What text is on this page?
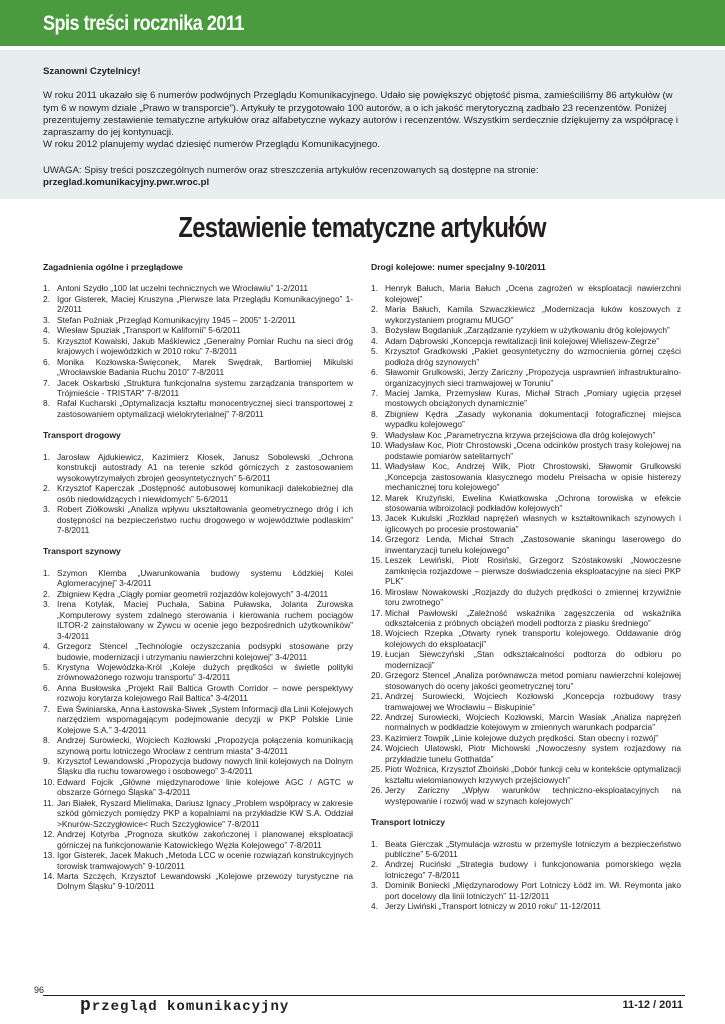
Spis treści rocznika 2011

Szanowni Czytelnicy!

W roku 2011 ukazało się 6 numerów podwójnych Przeglądu Komunikacyjnego. Udało się powiększyć objętość pisma, zamieściliśmy 86 artykułów (w tym 6 w nowym dziale „Prawo w transporcie”). Artykuły te przygotowało 100 autorów, a o ich jakość merytoryczną zadbało 23 recenzentów. Poniżej prezentujemy zestawienie tematyczne artykułów oraz alfabetyczne wykazy autorów i recenzentów. Wszystkim serdecznie dziękujemy za współpracę i zapraszamy do jej kontynuacji.

W roku 2012 planujemy wydać dziesięć numerów Przeglądu Komunikacyjnego.

UWAGA: Spisy treści poszczególnych numerów oraz streszczenia artykułów recenzowanych są dostępne na stronie:

przeglad.komunikacyjny.pwr.wroc.pl

Zestawienie tematyczne artykułów
Zagadnienia ogólne i przeglądowe
1. Antoni Szydło „100 lat uczelni technicznych we Wrocławiu” 1-2/2011
2. Igor Gisterek, Maciej Kruszyna „Pierwsze lata Przeglądu Komunikacyjnego” 1-2/2011
3. Stefan Poźniak „Przegląd Komunikacyjny 1945 – 2005” 1-2/2011
4. Wiesław Spuziak „Transport w Kalifornii” 5-6/2011
5. Krzysztof Kowalski, Jakub Maśkiewicz „Generalny Pomiar Ruchu na sieci dróg krajowych i wojewódzkich w 2010 roku” 7-8/2011
6. Monika Kozłowska-Święconek, Marek Swędrak, Bartłomiej Mikulski „Wrocławskie Badania Ruchu 2010” 7-8/2011
7. Jacek Oskarbski „Struktura funkcjonalna systemu zarządzania transportem w Trójmieście - TRISTAR” 7-8/2011
8. Rafał Kucharski „Optymalizacja kształtu monocentrycznej sieci transportowej z zastosowaniem optymalizacji wielokryterialnej” 7-8/2011
Transport drogowy
1. Jarosław Ajdukiewicz, Kazimierz Kłosek, Janusz Sobolewski „Ochrona konstrukcji autostrady A1 na terenie szkód górniczych z zastosowaniem wysokowytrzymałych zbrojeń geosyntetycznych” 5-6/2011
2. Krzysztof Kaperczak „Dostępność autobusowej komunikacji dalekobieżnej dla osób niedowidzących i niewidomych” 5-6/2011
3. Robert Ziółkowski „Analiza wpływu ukształtowania geometrycznego dróg i ich dostępności na bezpieczeństwo ruchu drogowego w województwie podlaskim” 7-8/2011
Transport szynowy
1. Szymon Klemba „Uwarunkowania budowy systemu Łódzkiej Kolei Aglomeracyjnej” 3-4/2011
2. Zbigniew Kędra „Ciągły pomiar geometrii rozjazdów kolejowych” 3-4/2011
3. Irena Kotylak, Maciej Puchała, Sabina Puławska, Jolanta Żurowska „Komputerowy system zdalnego sterowania i kierowania ruchem pociągów ILTOR-2 zainstalowany w Żywcu w ocenie jego bezpośrednich użytkowników” 3-4/2011
4. Grzegorz Stencel „Technologie oczyszczania podsypki stosowane przy budowie, modernizacji i utrzymaniu nawierzchni kolejowej” 3-4/2011
5. Krystyna Wojewódzka-Król „Koleje dużych prędkości w świetle polityki zrównoważonego rozwoju transportu” 3-4/2011
6. Anna Busłowska „Projekt Rail Baltica Growth Corridor – nowe perspektywy rozwoju korytarza kolejowego Rail Baltica” 3-4/2011
7. Ewa Świniarska, Anna Łastowska-Siwek „System Informacji dla Linii Kolejowych narzędziem wspomagającym podejmowanie decyzji w PKP Polskie Linie Kolejowe S.A.” 3-4/2011
8. Andrzej Surowiecki, Wojciech Kozłowski „Propozycja połączenia komunikacją szynową portu lotniczego Wrocław z centrum miasta” 3-4/2011
9. Krzysztof Lewandowski „Propozycja budowy nowych linii kolejowych na Dolnym Śląsku dla ruchu towarowego i osobowego” 3-4/2011
10. Edward Fojcik „Główne międzynarodowe linie kolejowe AGC / AGTC w obszarze Górnego Śląska” 3-4/2011
11. Jan Białek, Ryszard Mielimaka, Dariusz Ignacy „Problem współpracy w zakresie szkód górniczych pomiędzy PKP a kopalniami na przykładzie KW S.A. Oddział >Knurów-Szczygłowice< Ruch Szczygłowice” 7-8/2011
12. Andrzej Kotyrba „Prognoza skutków zakończonej i planowanej eksploatacji górniczej na funkcjonowanie Katowickiego Węzła Kolejowego” 7-8/2011
13. Igor Gisterek, Jacek Makuch „Metoda LCC w ocenie rozwiązań konstrukcyjnych torowisk tramwajowych” 9-10/2011
14. Marta Szczęch, Krzysztof Lewandowski „Kolejowe przewozy turystyczne na Dolnym Śląsku” 9-10/2011
Drogi kolejowe: numer specjalny 9-10/2011
1. Henryk Bałuch, Maria Bałuch „Ocena zagrożeń w eksploatacji nawierzchni kolejowej”
2. Maria Bałuch, Kamila Szwaczkiewicz „Modernizacja łuków koszowych z wykorzystaniem programu MUGO”
3. Bożysław Bogdaniuk „Zarządzanie ryzykiem w użytkowaniu dróg kolejowych”
4. Adam Dąbrowski „Koncepcja rewitalizacji linii kolejowej Wieliszew-Zegrze”
5. Krzysztof Gradkowski „Pakiet geosyntetyczny do wzmocnienia górnej części podłoża dróg szynowych”
6. Sławomir Grulkowski, Jerzy Zariczny „Propozycja usprawnień infrastrukturalno-organizacyjnych sieci tramwajowej w Toruniu”
7. Maciej Jamka, Przemysław Kuras, Michał Strach „Pomiary ugięcia przęseł mostowych obciążonych dynamicznie”
8. Zbigniew Kędra „Zasady wykonania dokumentacji fotograficznej miejsca wypadku kolejowego”
9. Władysław Koc „Parametryczna krzywa przejściowa dla dróg kolejowych”
10. Władysław Koc, Piotr Chrostowski „Ocena odcinków prostych trasy kolejowej na podstawie pomiarów satelitarnych”
11. Władysław Koc, Andrzej Wilk, Piotr Chrostowski, Sławomir Grulkowski „Koncepcja zastosowania klasycznego modelu Preisacha w opisie histerezy mechanicznej toru kolejowego”
12. Marek Krużyński, Ewelina Kwiatkowska „Ochrona torowiska w efekcie stosowania wibroizolacji podkładów kolejowych”
13. Jacek Kukulski „Rozkład naprężeń własnych w kształtownikach szynowych i iglicowych po procesie prostowania”
14. Grzegorz Lenda, Michał Strach „Zastosowanie skaningu laserowego do inwentaryzacji tunelu kolejowego”
15. Leszek Lewiński, Piotr Rosiński, Grzegorz Szóstakowski „Nowoczesne zamknięcia rozjazdowe – pierwsze doświadczenia eksploatacyjne na sieci PKP PLK”
16. Mirosław Nowakowski „Rozjazdy do dużych prędkości o zmiennej krzywiźnie toru zwrotnego”
17. Michał Pawłowski „Zależność wskaźnika zagęszczenia od wskaźnika odkształcenia z próbnych obciążeń modeli podtorza z piasku średniego”
18. Wojciech Rzepka „Otwarty rynek transportu kolejowego. Oddawanie dróg kolejowych do eksploatacji”
19. Łucjan Siewczyński „Stan odkształcalności podtorza do odbioru po modernizacji”
20. Grzegorz Stencel „Analiza porównawcza metod pomiaru nawierzchni kolejowej stosowanych do oceny jakości geometrycznej toru”
21. Andrzej Surowiecki, Wojciech Kozłowski „Koncepcja rozbudowy trasy tramwajowej we Wrocławiu – Biskupinie”
22. Andrzej Surowiecki, Wojciech Kozłowski, Marcin Wasiak „Analiza naprężeń normalnych w podkładzie kolejowym w zmiennych warunkach podparcia”
23. Kazimierz Towpik „Linie kolejowe dużych prędkości. Stan obecny i rozwój”
24. Wojciech Ulatowski, Piotr Michowski „Nowoczesny system rozjazdowy na przykładzie tunelu Gotthatda”
25. Piotr Woźnica, Krzysztof Zboiński „Dobór funkcji celu w kontekście optymalizacji kształtu wielomianowych krzywych przejściowych”
26. Jerzy Zariczny „Wpływ warunków techniczno-eksploatacyjnych na występowanie i rozwój wad w szynach kolejowych”
Transport lotniczy
1. Beata Gierczak „Stymulacja wzrostu w przemyśle lotniczym a bezpieczeństwo publiczne” 5-6/2011
2. Andrzej Ruciński „Strategia budowy i funkcjonowania pomorskiego węzła lotniczego” 7-8/2011
3. Dominik Boniecki „Międzynarodowy Port Lotniczy Łódź im. Wł. Reymonta jako port docelowy dla linii lotniczych” 11-12/2011
4. Jerzy Liwiński „Transport lotniczy w 2010 roku” 11-12/2011
96
przegląd komunikacyjny	11-12 / 2011
